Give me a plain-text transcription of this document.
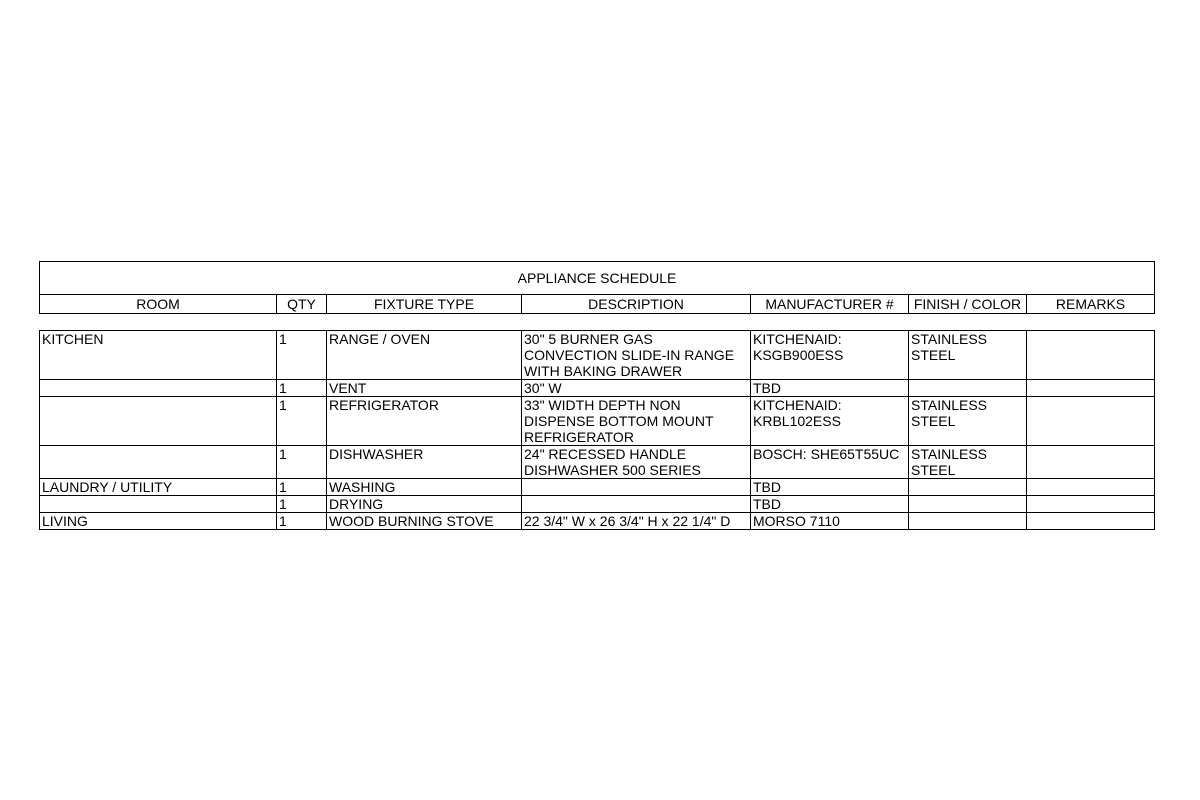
APPLIANCE SCHEDULE						
ROOM	QTY	FIXTURE TYPE	DESCRIPTION	MANUFACTURER #	FINISH / COLOR	REMARKS

KITCHEN	1	RANGE / OVEN	30" 5 BURNER GAS
CONVECTION SLIDE-IN RANGE
WITH BAKING DRAWER	KITCHENAID:
KSGB900ESS	STAINLESS
STEEL	

	1	VENT	30" W	TBD		

	1	REFRIGERATOR	33" WIDTH DEPTH NON
DISPENSE BOTTOM MOUNT
REFRIGERATOR	KITCHENAID:
KRBL102ESS	STAINLESS
STEEL	

	1	DISHWASHER	24" RECESSED HANDLE
DISHWASHER 500 SERIES	BOSCH: SHE65T55UC	STAINLESS
STEEL	

LAUNDRY / UTILITY	1	WASHING		TBD		

	1	DRYING		TBD		

LIVING	1	WOOD BURNING STOVE	22 3/4" W x 26 3/4" H x 22 1/4" D	MORSO 7110		
